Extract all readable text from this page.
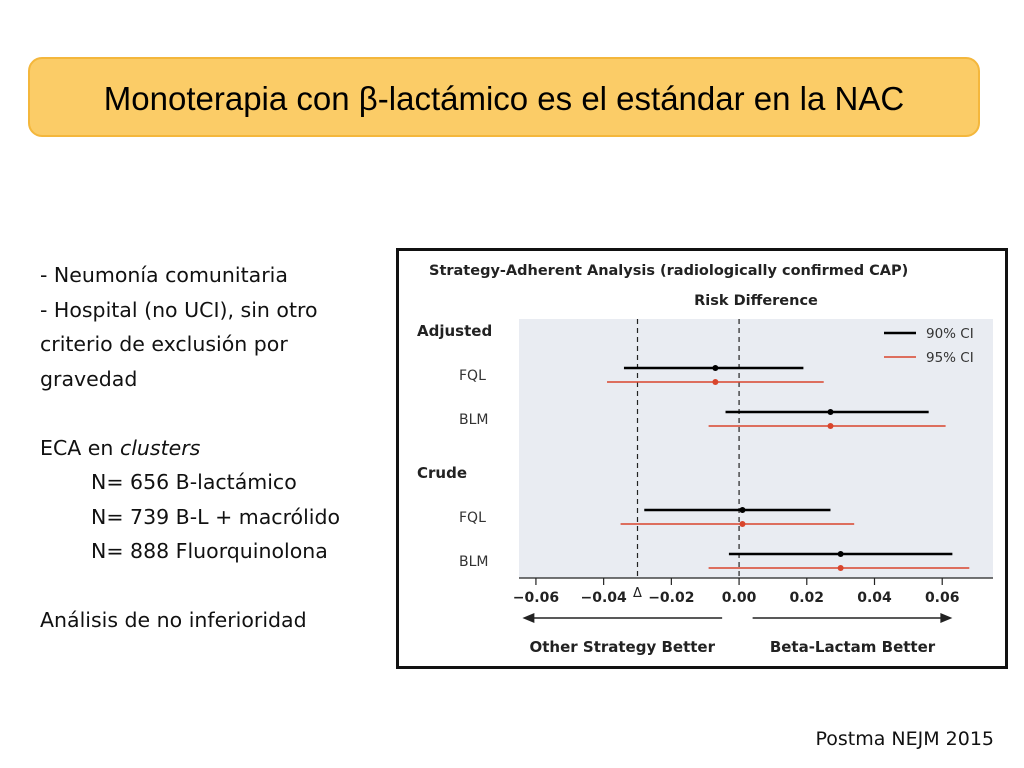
Monoterapia con β-lactámico es el estándar en la NAC
- Neumonía comunitaria
- Hospital (no UCI), sin otro
criterio de exclusión por
gravedad
ECA en clusters
N= 656 B-lactámico
N= 739 B-L + macrólido
N= 888 Fluorquinolona
Análisis de no inferioridad
Strategy-Adherent Analysis (radiologically confirmed CAP)
Risk Difference
Adjusted
FQL
BLM
Crude
FQL
BLM
90% CI
95% CI
−0.06 −0.04 −0.02 0.00 0.02 0.04 0.06
Δ
Other Strategy Better	Beta-Lactam Better
Postma NEJM 2015
